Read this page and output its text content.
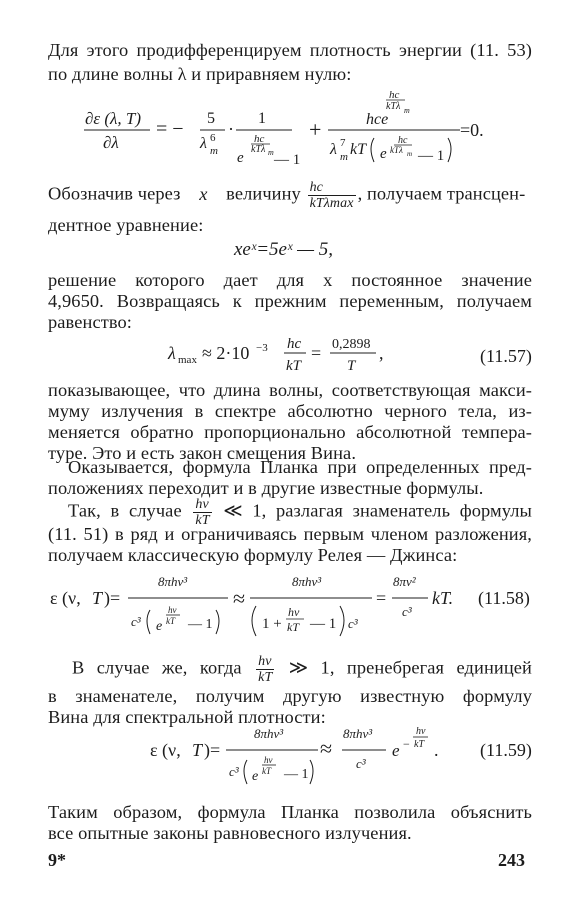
Для этого продифференцируем плотность энергии (11. 53)
по длине волны λ и приравняем нулю:
∂ε (λ, T)
∂λ
= − 5
λ 6
m
·
1
hc
kTλ m
e — 1
+
hc
kTλ m
hce
λ 7
m kT e
hc
kTλ m — 1
=0.
Обозначив через x величину $\frac{hc}{\text{kTλmax}}$ , получаем трансцен-
дентное уравнение:
xeˣ=5eˣ — 5,
решение которого дает для x постоянное значение
4,9650. Возвращаясь к прежним переменным, получаем
равенство:
λ max ≈ 2·10 −3 hc
kT
= 0,2898
T
,	(11.57)
показывающее, что длина волны, соответствующая макси-
муму излучения в спектре абсолютно черного тела, из-
меняется обратно пропорционально абсолютной темпера-
туре. Это и есть закон смещения Вина.
Оказывается, формула Планка при определенных пред-
положениях переходит и в другие известные формулы.
Так, в случае $\frac{h\nu}{kT}$ ≪ 1, разлагая знаменатель формулы
(11. 51) в ряд и ограничиваясь первым членом разложения,
получаем классическую формулу Релея — Джинса:
ε (ν, T )=
8πhν³
c³ e
hν
kT — 1
≈
8πhν³
1 +
hν
kT — 1 c³
=
8πν²
c³
kT. (11.58)
В случае же, когда $\frac{h\nu}{kT}$ ≫ 1, пренебрегая единицей
в знаменателе, получим другую известную формулу
Вина для спектральной плотности:
ε (ν, T )=
8πhν³
c³ e
hν
kT — 1
≈
8πhν³
c³
e −
hν
kT . (11.59)
Таким образом, формула Планка позволила объяснить
все опытные законы равновесного излучения.
9*	243
